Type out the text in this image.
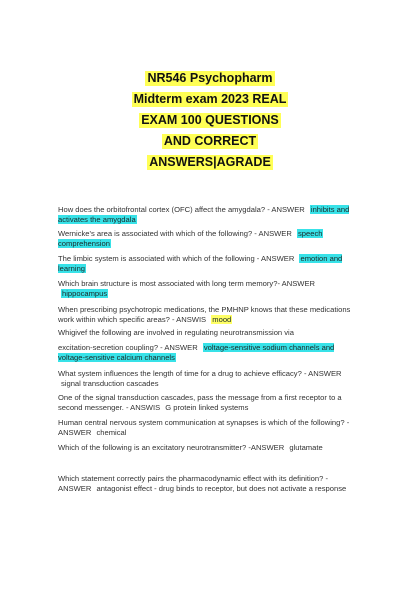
NR546 Psychopharm
Midterm exam 2023 REAL
EXAM 100 QUESTIONS
AND CORRECT
ANSWERS|AGRADE
How does the orbitofrontal cortex (OFC) affect the amygdala? - ANSWER inhibits and activates the amygdala
Wernicke's area is associated with which of the following? - ANSWER speech comprehension
The limbic system is associated with which of the following - ANSWER emotion and learning
Which brain structure is most associated with long term memory?- ANSWER hippocampus
When prescribing psychotropic medications, the PMHNP knows that these medications work within which specific areas? - ANSWIS mood
Whigivef the following are involved in regulating neurotransmission via
excitation-secretion coupling? - ANSWER voltage-sensitive sodium channels and voltage-sensitive calcium channels
What system influences the length of time for a drug to achieve efficacy? - ANSWER signal transduction cascades
One of the signal transduction cascades, pass the message from a first receptor to a second messenger. - ANSWIS G protein linked systems
Human central nervous system communication at synapses is which of the following? - ANSWER chemical
Which of the following is an excitatory neurotransmitter? -ANSWER glutamate
Which statement correctly pairs the pharmacodynamic effect with its definition? - ANSWER antagonist effect - drug binds to receptor, but does not activate a response
